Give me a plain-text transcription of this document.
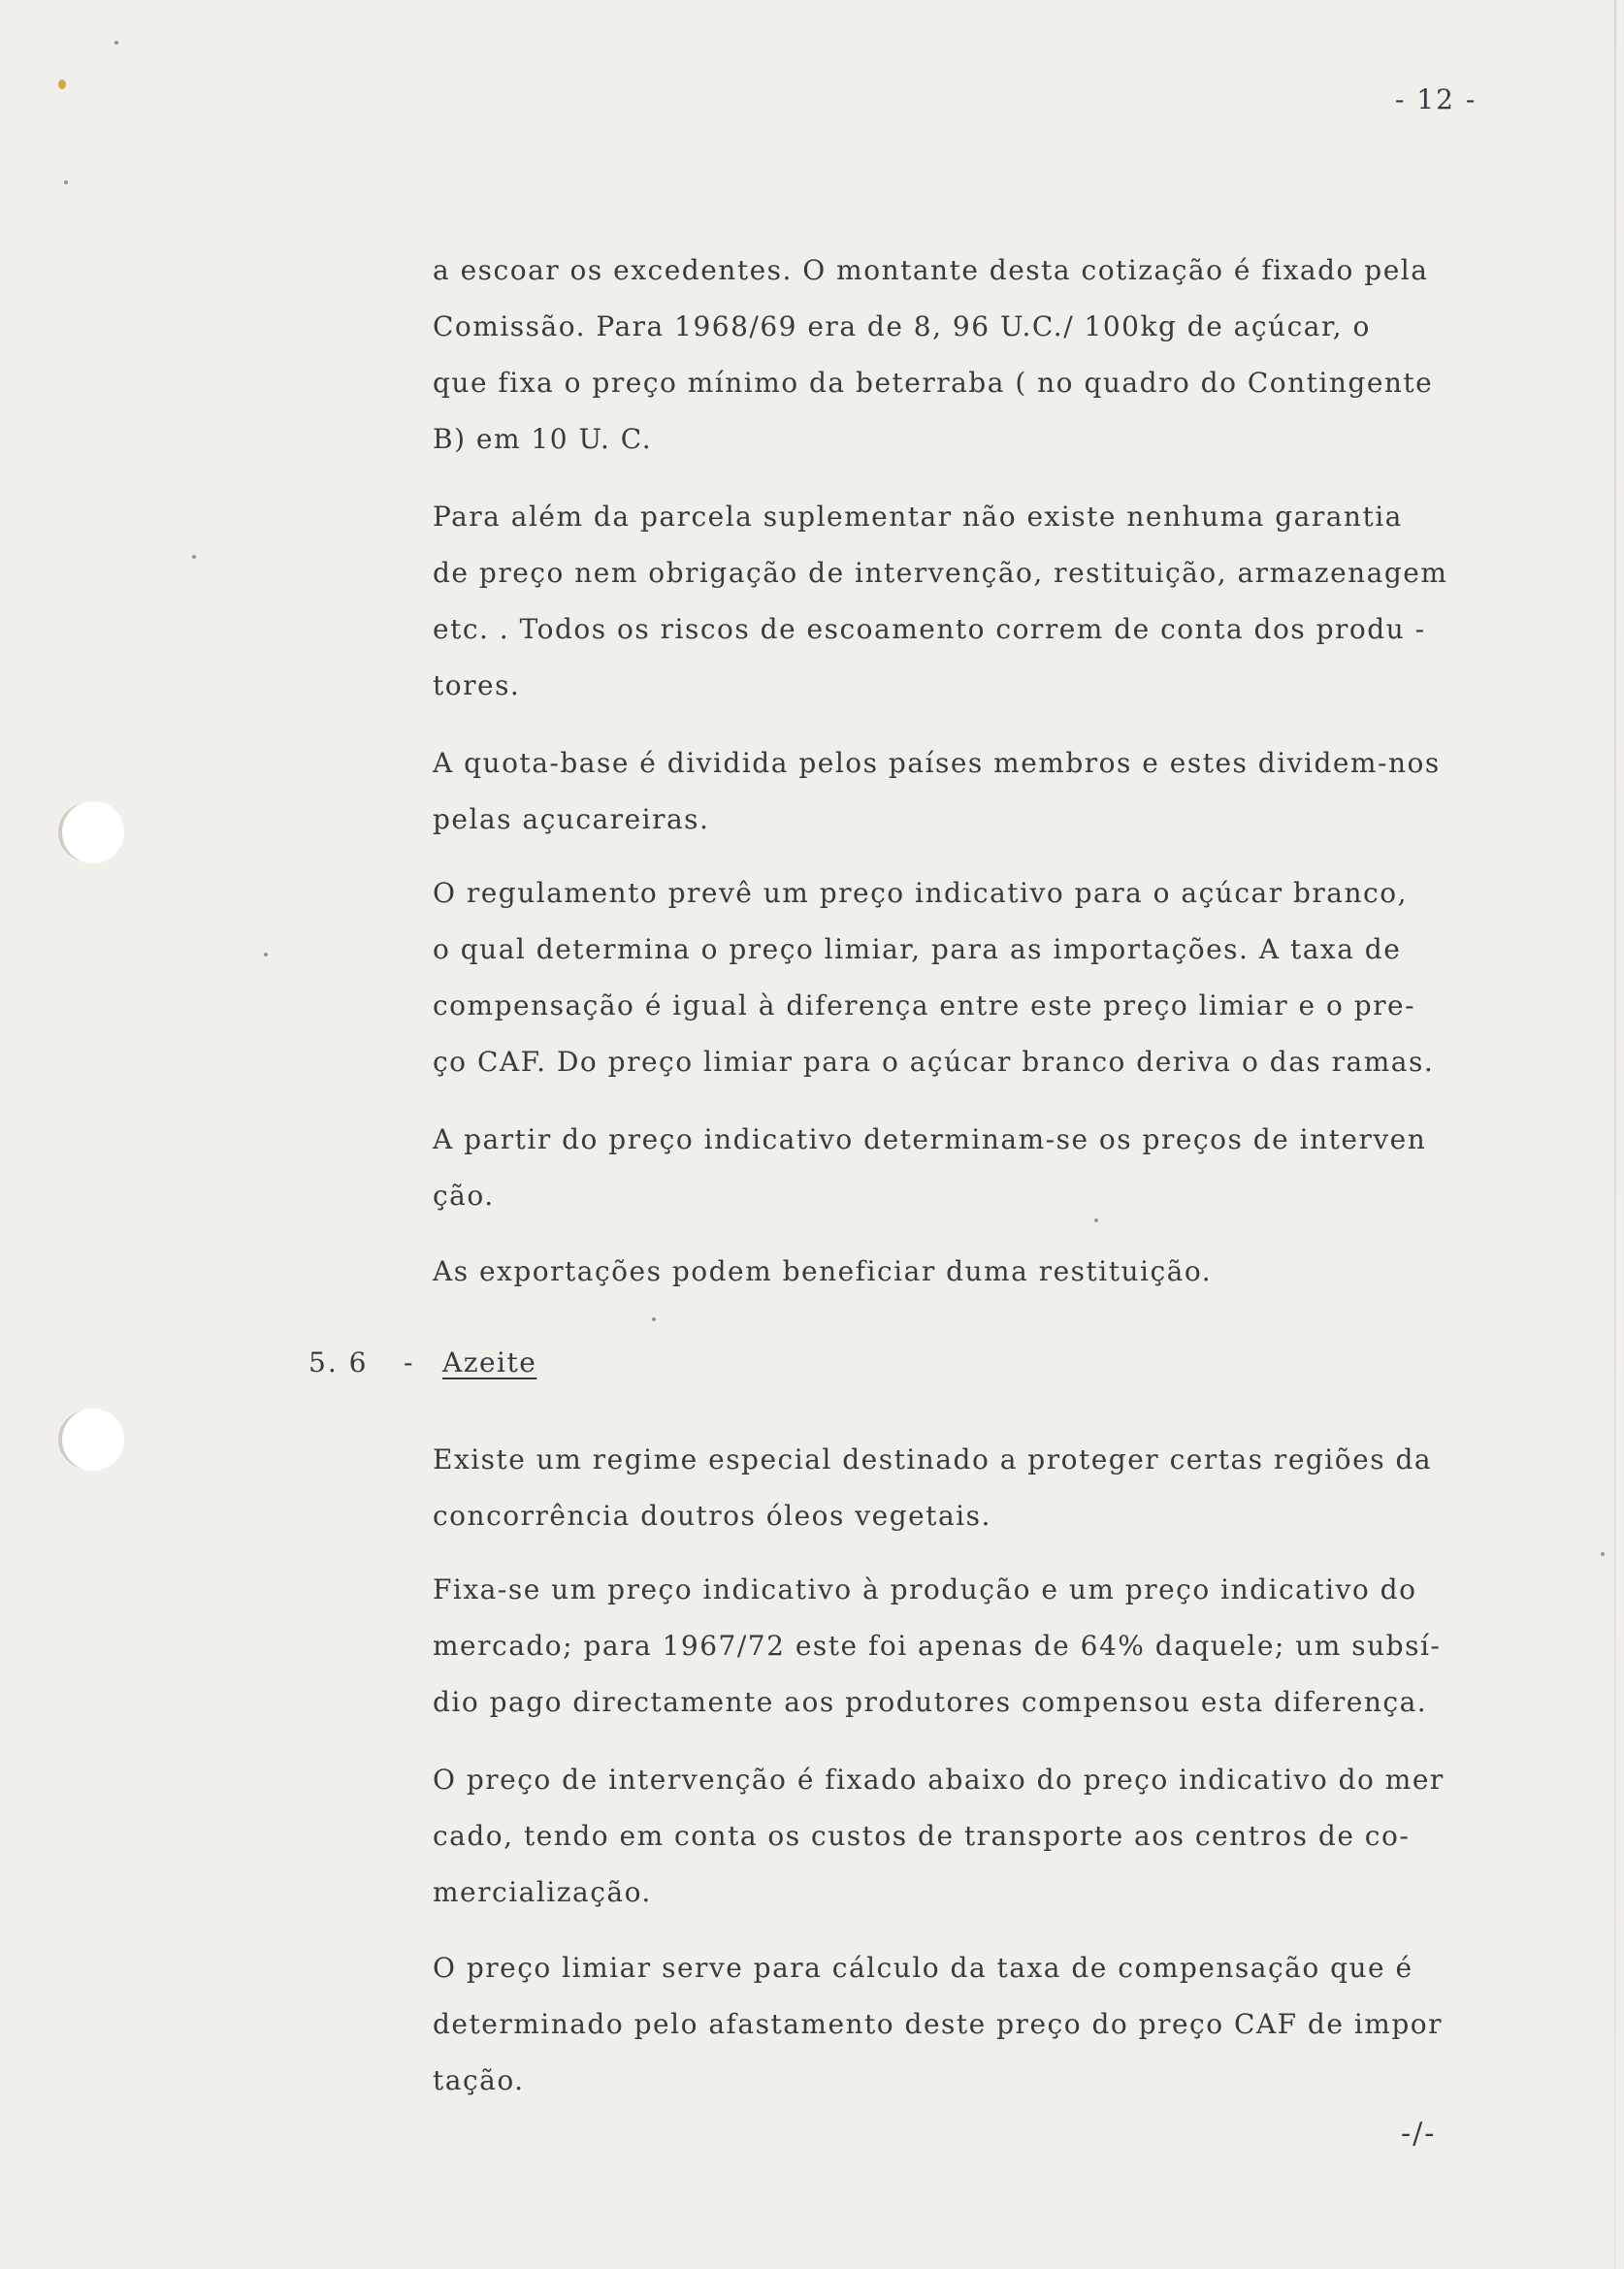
- 12 -
a escoar os excedentes. O montante desta cotização é fixado pela
Comissão. Para 1968/69 era de 8, 96 U.C./ 100kg de açúcar, o
que fixa o preço mínimo da beterraba ( no quadro do Contingente
B) em 10 U. C.
Para além da parcela suplementar não existe nenhuma garantia
de preço nem obrigação de intervenção, restituição, armazenagem
etc. . Todos os riscos de escoamento correm de conta dos produ -
tores.
A quota-base é dividida pelos países membros e estes dividem-nos
pelas açucareiras.
O regulamento prevê um preço indicativo para o açúcar branco,
o qual determina o preço limiar, para as importações. A taxa de
compensação é igual à diferença entre este preço limiar e o pre-
ço CAF. Do preço limiar para o açúcar branco deriva o das ramas.
A partir do preço indicativo determinam-se os preços de interven
ção.
As exportações podem beneficiar duma restituição.
5. 6 - Azeite
Existe um regime especial destinado a proteger certas regiões da
concorrência doutros óleos vegetais.
Fixa-se um preço indicativo à produção e um preço indicativo do
mercado; para 1967/72 este foi apenas de 64% daquele; um subsí-
dio pago directamente aos produtores compensou esta diferença.
O preço de intervenção é fixado abaixo do preço indicativo do mer
cado, tendo em conta os custos de transporte aos centros de co-
mercialização.
O preço limiar serve para cálculo da taxa de compensação que é
determinado pelo afastamento deste preço do preço CAF de impor
tação.
-/-
